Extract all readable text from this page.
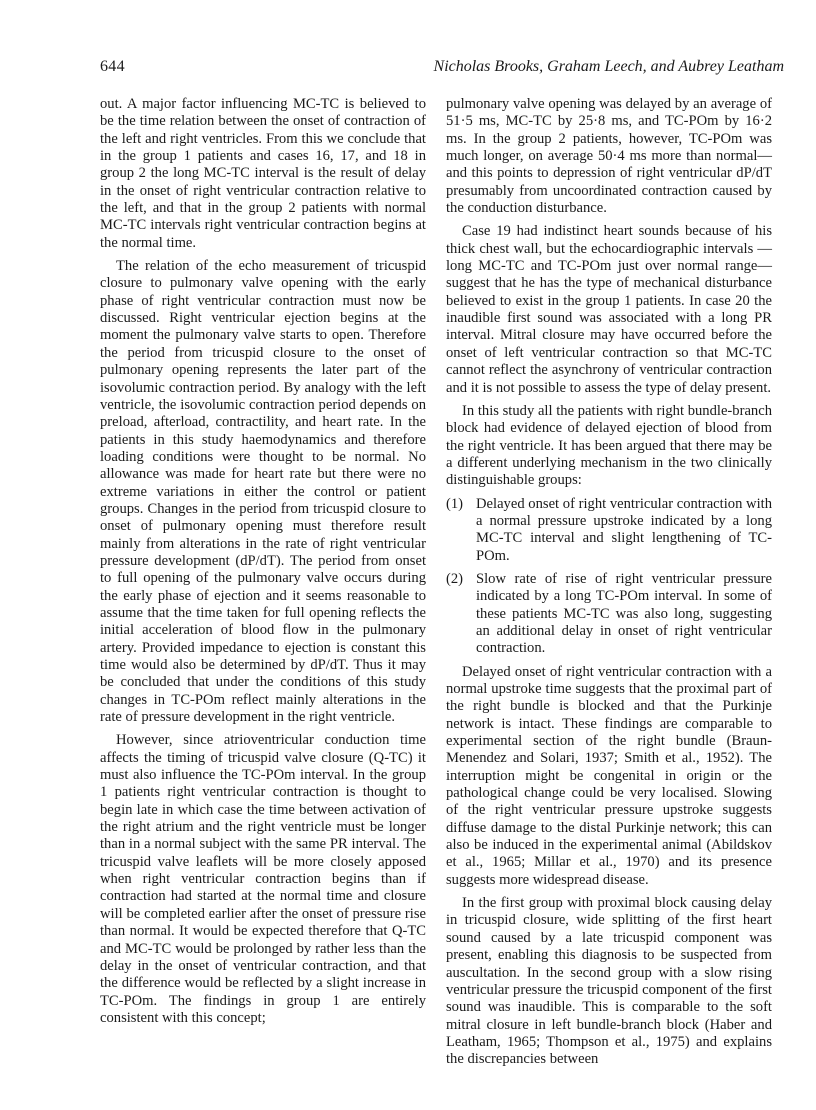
644	Nicholas Brooks, Graham Leech, and Aubrey Leatham

out. A major factor influencing MC-TC is believed to be the time relation between the onset of contraction of the left and right ventricles. From this we conclude that in the group 1 patients and cases 16, 17, and 18 in group 2 the long MC-TC interval is the result of delay in the onset of right ventricular contraction relative to the left, and that in the group 2 patients with normal MC-TC intervals right ventricular contraction begins at the normal time.

The relation of the echo measurement of tricuspid closure to pulmonary valve opening with the early phase of right ventricular contraction must now be discussed. Right ventricular ejection begins at the moment the pulmonary valve starts to open. Therefore the period from tricuspid closure to the onset of pulmonary opening represents the later part of the isovolumic contraction period. By analogy with the left ventricle, the isovolumic contraction period depends on preload, afterload, contractility, and heart rate. In the patients in this study haemodynamics and therefore loading conditions were thought to be normal. No allowance was made for heart rate but there were no extreme variations in either the control or patient groups. Changes in the period from tricuspid closure to onset of pulmonary opening must therefore result mainly from alterations in the rate of right ventricular pressure development (dP/dT). The period from onset to full opening of the pulmonary valve occurs during the early phase of ejection and it seems reasonable to assume that the time taken for full opening reflects the initial acceleration of blood flow in the pulmonary artery. Provided impedance to ejection is constant this time would also be determined by dP/dT. Thus it may be concluded that under the conditions of this study changes in TC-POm reflect mainly alterations in the rate of pressure development in the right ventricle.

However, since atrioventricular conduction time affects the timing of tricuspid valve closure (Q-TC) it must also influence the TC-POm interval. In the group 1 patients right ventricular contraction is thought to begin late in which case the time between activation of the right atrium and the right ventricle must be longer than in a normal subject with the same PR interval. The tricuspid valve leaflets will be more closely apposed when right ventricular contraction begins than if contraction had started at the normal time and closure will be completed earlier after the onset of pressure rise than normal. It would be expected therefore that Q-TC and MC-TC would be prolonged by rather less than the delay in the onset of ventricular contraction, and that the difference would be reflected by a slight increase in TC-POm. The findings in group 1 are entirely consistent with this concept;

pulmonary valve opening was delayed by an average of 51·5 ms, MC-TC by 25·8 ms, and TC-POm by 16·2 ms. In the group 2 patients, however, TC-POm was much longer, on average 50·4 ms more than normal—and this points to depression of right ventricular dP/dT presumably from uncoordinated contraction caused by the conduction disturbance.

Case 19 had indistinct heart sounds because of his thick chest wall, but the echocardiographic intervals —long MC-TC and TC-POm just over normal range—suggest that he has the type of mechanical disturbance believed to exist in the group 1 patients. In case 20 the inaudible first sound was associated with a long PR interval. Mitral closure may have occurred before the onset of left ventricular contraction so that MC-TC cannot reflect the asynchrony of ventricular contraction and it is not possible to assess the type of delay present.

In this study all the patients with right bundle-branch block had evidence of delayed ejection of blood from the right ventricle. It has been argued that there may be a different underlying mechanism in the two clinically distinguishable groups:

(1) Delayed onset of right ventricular contraction with a normal pressure upstroke indicated by a long MC-TC interval and slight lengthening of TC-POm.
(2) Slow rate of rise of right ventricular pressure indicated by a long TC-POm interval. In some of these patients MC-TC was also long, suggesting an additional delay in onset of right ventricular contraction.

Delayed onset of right ventricular contraction with a normal upstroke time suggests that the proximal part of the right bundle is blocked and that the Purkinje network is intact. These findings are comparable to experimental section of the right bundle (Braun-Menendez and Solari, 1937; Smith et al., 1952). The interruption might be congenital in origin or the pathological change could be very localised. Slowing of the right ventricular pressure upstroke suggests diffuse damage to the distal Purkinje network; this can also be induced in the experimental animal (Abildskov et al., 1965; Millar et al., 1970) and its presence suggests more widespread disease.

In the first group with proximal block causing delay in tricuspid closure, wide splitting of the first heart sound caused by a late tricuspid component was present, enabling this diagnosis to be suspected from auscultation. In the second group with a slow rising ventricular pressure the tricuspid component of the first sound was inaudible. This is comparable to the soft mitral closure in left bundle-branch block (Haber and Leatham, 1965; Thompson et al., 1975) and explains the discrepancies between
